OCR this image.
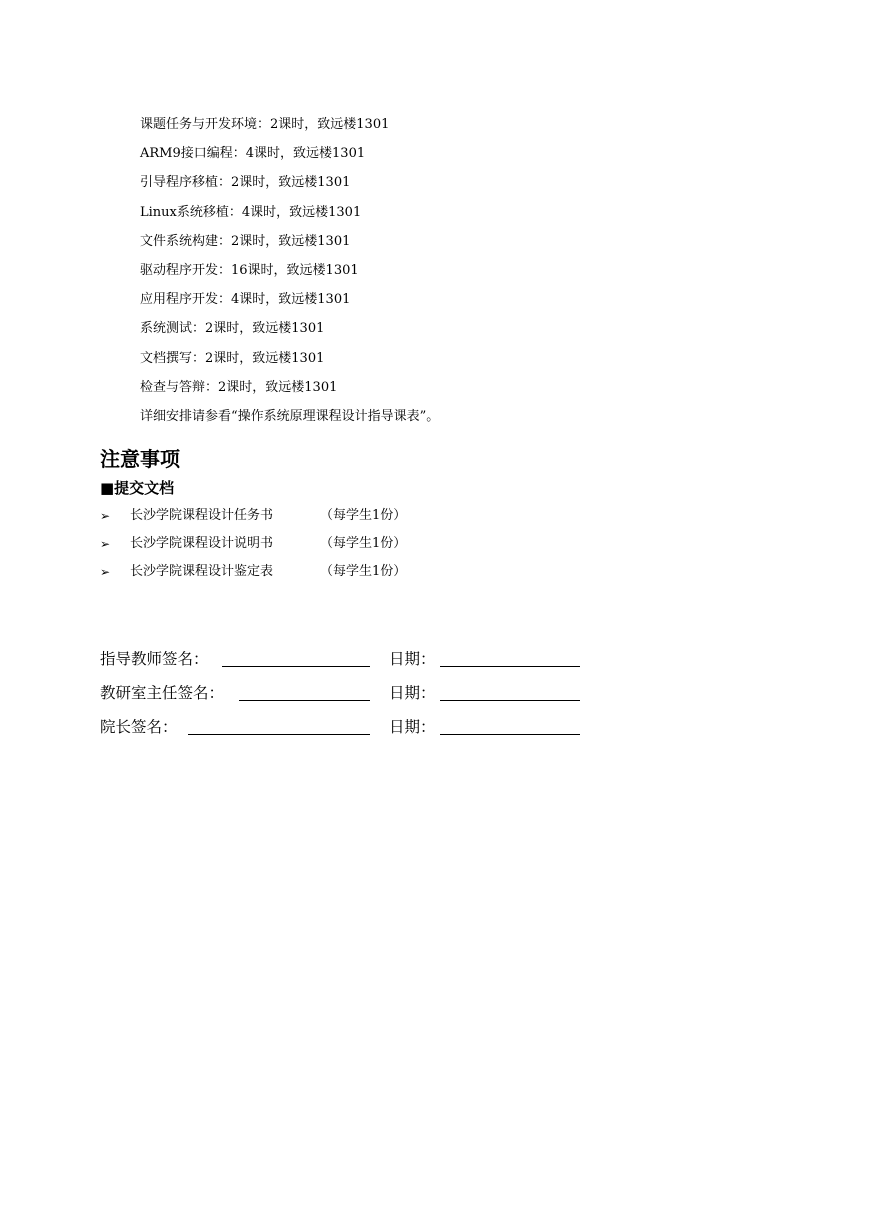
课题任务与开发环境：2课时，致远楼1301
ARM9接口编程：4课时，致远楼1301
引导程序移植：2课时，致远楼1301
Linux系统移植：4课时，致远楼1301
文件系统构建：2课时，致远楼1301
驱动程序开发：16课时，致远楼1301
应用程序开发：4课时，致远楼1301
系统测试：2课时，致远楼1301
文档撰写：2课时，致远楼1301
检查与答辩：2课时，致远楼1301
详细安排请参看“操作系统原理课程设计指导课表”。
注意事项
■提交文档
➢	长沙学院课程设计任务书	（每学生1份）
➢	长沙学院课程设计说明书	（每学生1份）
➢	长沙学院课程设计鉴定表	（每学生1份）
指导教师签名：	日期：
教研室主任签名：	日期：
院长签名：	日期：
